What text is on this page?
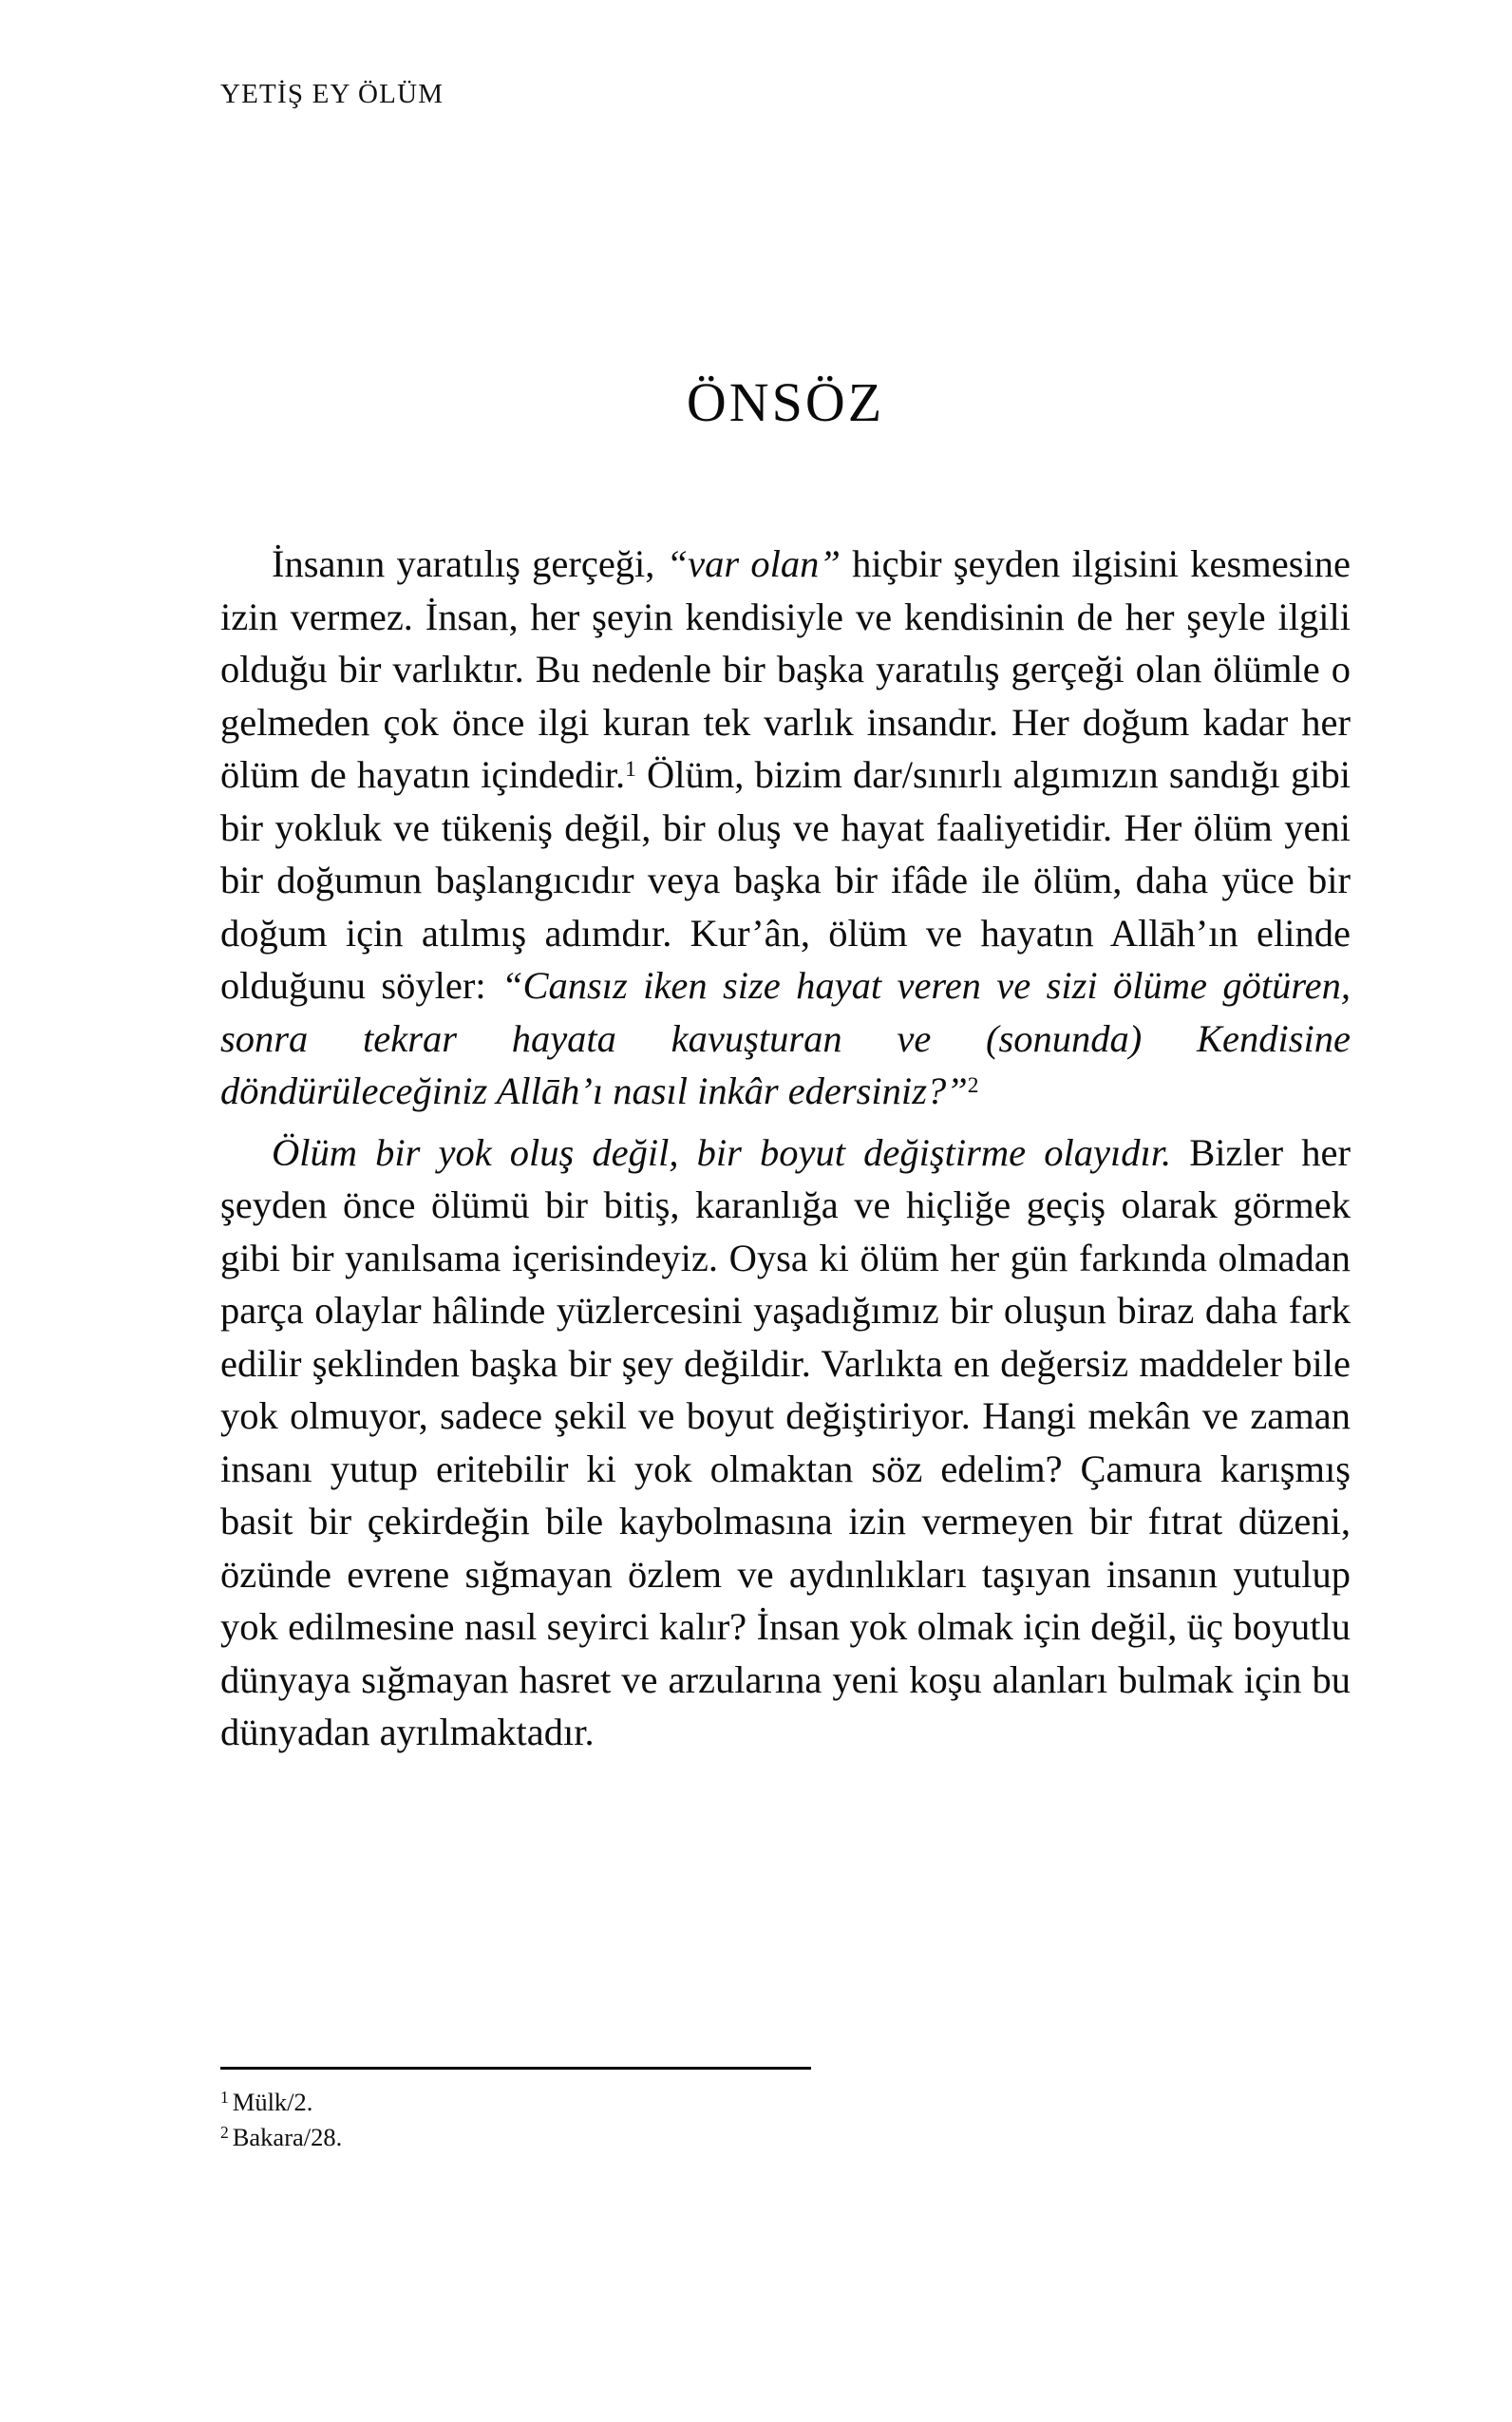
YETİŞ EY ÖLÜM
ÖNSÖZ

İnsanın yaratılış gerçeği, “var olan” hiçbir şeyden ilgisini kesmesine izin vermez. İnsan, her şeyin kendisiyle ve kendisinin de her şeyle ilgili olduğu bir varlıktır. Bu nedenle bir başka yaratılış gerçeği olan ölümle o gelmeden çok önce ilgi kuran tek varlık insandır. Her doğum kadar her ölüm de hayatın içindedir.$^1$ Ölüm, bizim dar/sınırlı algımızın sandığı gibi bir yokluk ve tükeniş değil, bir oluş ve hayat faaliyetidir. Her ölüm yeni bir doğumun başlangıcıdır veya başka bir ifâde ile ölüm, daha yüce bir doğum için atılmış adımdır. Kur’ân, ölüm ve hayatın Allāh’ın elinde olduğunu söyler: “Cansız iken size hayat veren ve sizi ölüme götüren, sonra tekrar hayata kavuşturan ve (sonunda) Kendisine döndürüleceğiniz Allāh’ı nasıl inkâr edersiniz?”$^2$

Ölüm bir yok oluş değil, bir boyut değiştirme olayıdır. Bizler her şeyden önce ölümü bir bitiş, karanlığa ve hiçliğe geçiş olarak görmek gibi bir yanılsama içerisindeyiz. Oysa ki ölüm her gün farkında olmadan parça olaylar hâlinde yüzlercesini yaşadığımız bir oluşun biraz daha fark edilir şeklinden başka bir şey değildir. Varlıkta en değersiz maddeler bile yok olmuyor, sadece şekil ve boyut değiştiriyor. Hangi mekân ve zaman insanı yutup eritebilir ki yok olmaktan söz edelim? Çamura karışmış basit bir çekirdeğin bile kaybolmasına izin vermeyen bir fıtrat düzeni, özünde evrene sığmayan özlem ve aydınlıkları taşıyan insanın yutulup yok edilmesine nasıl seyirci kalır? İnsan yok olmak için değil, üç boyutlu dünyaya sığmayan hasret ve arzularına yeni koşu alanları bulmak için bu dünyadan ayrılmaktadır.

$^1$ Mülk/2.

$^2$ Bakara/28.
